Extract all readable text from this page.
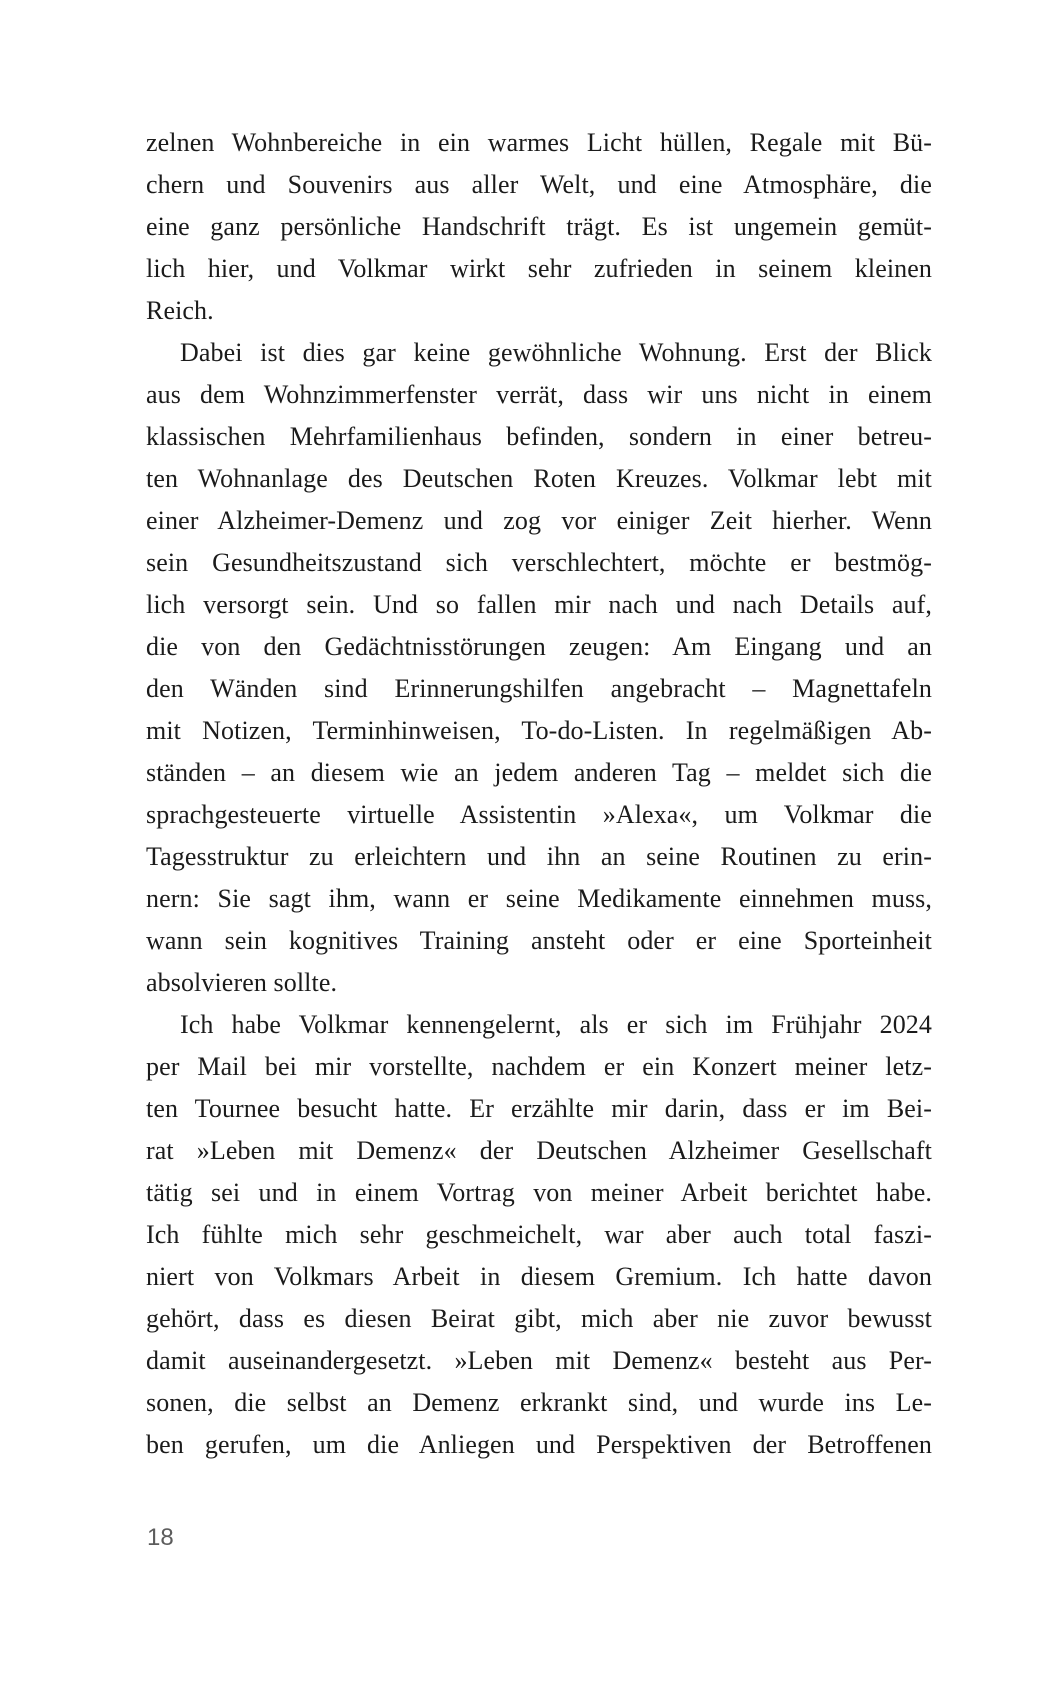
zelnen Wohnbereiche in ein warmes Licht hüllen, Regale mit Bü-

chern und Souvenirs aus aller Welt, und eine Atmosphäre, die

eine ganz persönliche Handschrift trägt. Es ist ungemein gemüt-

lich hier, und Volkmar wirkt sehr zufrieden in seinem kleinen

Reich.

Dabei ist dies gar keine gewöhnliche Wohnung. Erst der Blick

aus dem Wohnzimmerfenster verrät, dass wir uns nicht in einem

klassischen Mehrfamilienhaus befinden, sondern in einer betreu-

ten Wohnanlage des Deutschen Roten Kreuzes. Volkmar lebt mit

einer Alzheimer-Demenz und zog vor einiger Zeit hierher. Wenn

sein Gesundheitszustand sich verschlechtert, möchte er bestmög-

lich versorgt sein. Und so fallen mir nach und nach Details auf,

die von den Gedächtnisstörungen zeugen: Am Eingang und an

den Wänden sind Erinnerungshilfen angebracht – Magnettafeln

mit Notizen, Terminhinweisen, To-do-Listen. In regelmäßigen Ab-

ständen – an diesem wie an jedem anderen Tag – meldet sich die

sprachgesteuerte virtuelle Assistentin »Alexa«, um Volkmar die

Tagesstruktur zu erleichtern und ihn an seine Routinen zu erin-

nern: Sie sagt ihm, wann er seine Medikamente einnehmen muss,

wann sein kognitives Training ansteht oder er eine Sporteinheit

absolvieren sollte.

Ich habe Volkmar kennengelernt, als er sich im Frühjahr 2024

per Mail bei mir vorstellte, nachdem er ein Konzert meiner letz-

ten Tournee besucht hatte. Er erzählte mir darin, dass er im Bei-

rat »Leben mit Demenz« der Deutschen Alzheimer Gesellschaft

tätig sei und in einem Vortrag von meiner Arbeit berichtet habe.

Ich fühlte mich sehr geschmeichelt, war aber auch total faszi-

niert von Volkmars Arbeit in diesem Gremium. Ich hatte davon

gehört, dass es diesen Beirat gibt, mich aber nie zuvor bewusst

damit auseinandergesetzt. »Leben mit Demenz« besteht aus Per-

sonen, die selbst an Demenz erkrankt sind, und wurde ins Le-

ben gerufen, um die Anliegen und Perspektiven der Betroffenen

18
